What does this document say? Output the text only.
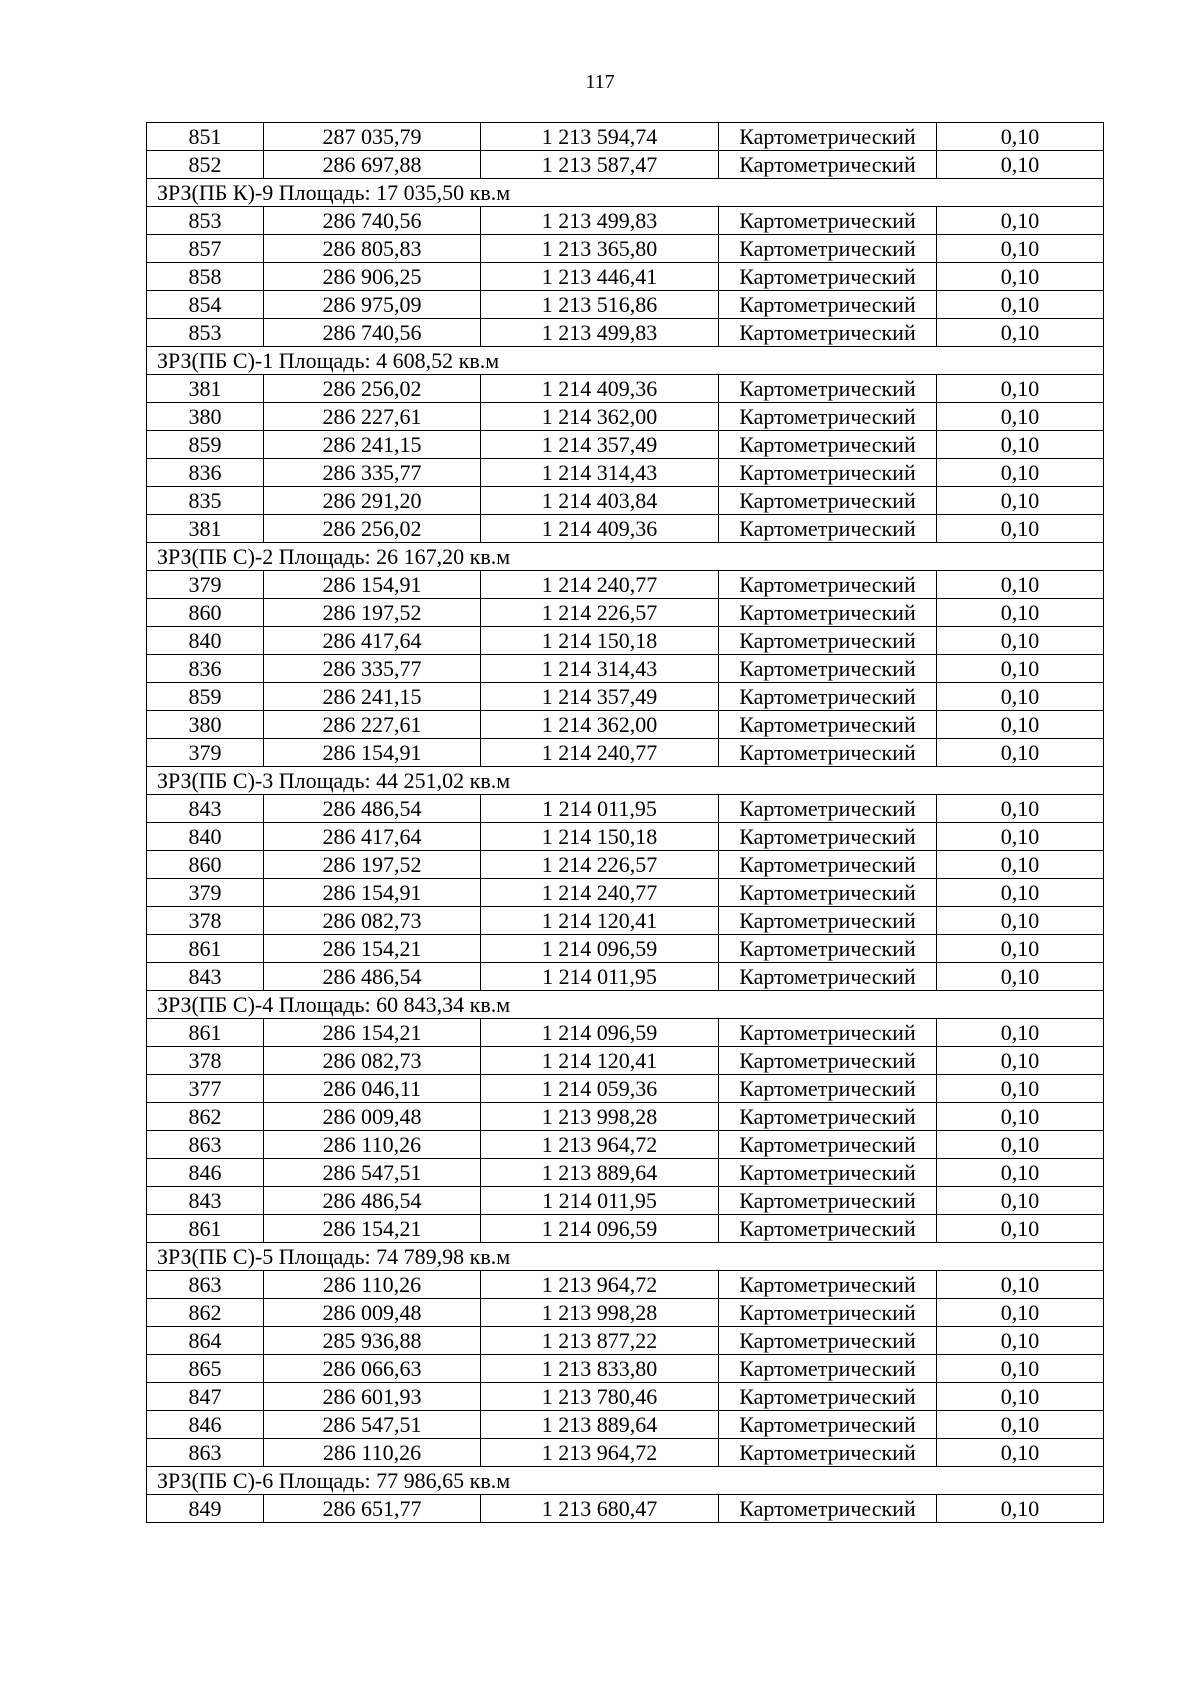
117
851	287 035,79	1 213 594,74	Картометрический	0,10
852	286 697,88	1 213 587,47	Картометрический	0,10
ЗРЗ(ПБ К)-9 Площадь: 17 035,50 кв.м				
853	286 740,56	1 213 499,83	Картометрический	0,10
857	286 805,83	1 213 365,80	Картометрический	0,10
858	286 906,25	1 213 446,41	Картометрический	0,10
854	286 975,09	1 213 516,86	Картометрический	0,10
853	286 740,56	1 213 499,83	Картометрический	0,10
ЗРЗ(ПБ С)-1 Площадь: 4 608,52 кв.м				
381	286 256,02	1 214 409,36	Картометрический	0,10
380	286 227,61	1 214 362,00	Картометрический	0,10
859	286 241,15	1 214 357,49	Картометрический	0,10
836	286 335,77	1 214 314,43	Картометрический	0,10
835	286 291,20	1 214 403,84	Картометрический	0,10
381	286 256,02	1 214 409,36	Картометрический	0,10
ЗРЗ(ПБ С)-2 Площадь: 26 167,20 кв.м				
379	286 154,91	1 214 240,77	Картометрический	0,10
860	286 197,52	1 214 226,57	Картометрический	0,10
840	286 417,64	1 214 150,18	Картометрический	0,10
836	286 335,77	1 214 314,43	Картометрический	0,10
859	286 241,15	1 214 357,49	Картометрический	0,10
380	286 227,61	1 214 362,00	Картометрический	0,10
379	286 154,91	1 214 240,77	Картометрический	0,10
ЗРЗ(ПБ С)-3 Площадь: 44 251,02 кв.м				
843	286 486,54	1 214 011,95	Картометрический	0,10
840	286 417,64	1 214 150,18	Картометрический	0,10
860	286 197,52	1 214 226,57	Картометрический	0,10
379	286 154,91	1 214 240,77	Картометрический	0,10
378	286 082,73	1 214 120,41	Картометрический	0,10
861	286 154,21	1 214 096,59	Картометрический	0,10
843	286 486,54	1 214 011,95	Картометрический	0,10
ЗРЗ(ПБ С)-4 Площадь: 60 843,34 кв.м				
861	286 154,21	1 214 096,59	Картометрический	0,10
378	286 082,73	1 214 120,41	Картометрический	0,10
377	286 046,11	1 214 059,36	Картометрический	0,10
862	286 009,48	1 213 998,28	Картометрический	0,10
863	286 110,26	1 213 964,72	Картометрический	0,10
846	286 547,51	1 213 889,64	Картометрический	0,10
843	286 486,54	1 214 011,95	Картометрический	0,10
861	286 154,21	1 214 096,59	Картометрический	0,10
ЗРЗ(ПБ С)-5 Площадь: 74 789,98 кв.м				
863	286 110,26	1 213 964,72	Картометрический	0,10
862	286 009,48	1 213 998,28	Картометрический	0,10
864	285 936,88	1 213 877,22	Картометрический	0,10
865	286 066,63	1 213 833,80	Картометрический	0,10
847	286 601,93	1 213 780,46	Картометрический	0,10
846	286 547,51	1 213 889,64	Картометрический	0,10
863	286 110,26	1 213 964,72	Картометрический	0,10
ЗРЗ(ПБ С)-6 Площадь: 77 986,65 кв.м				
849	286 651,77	1 213 680,47	Картометрический	0,10
